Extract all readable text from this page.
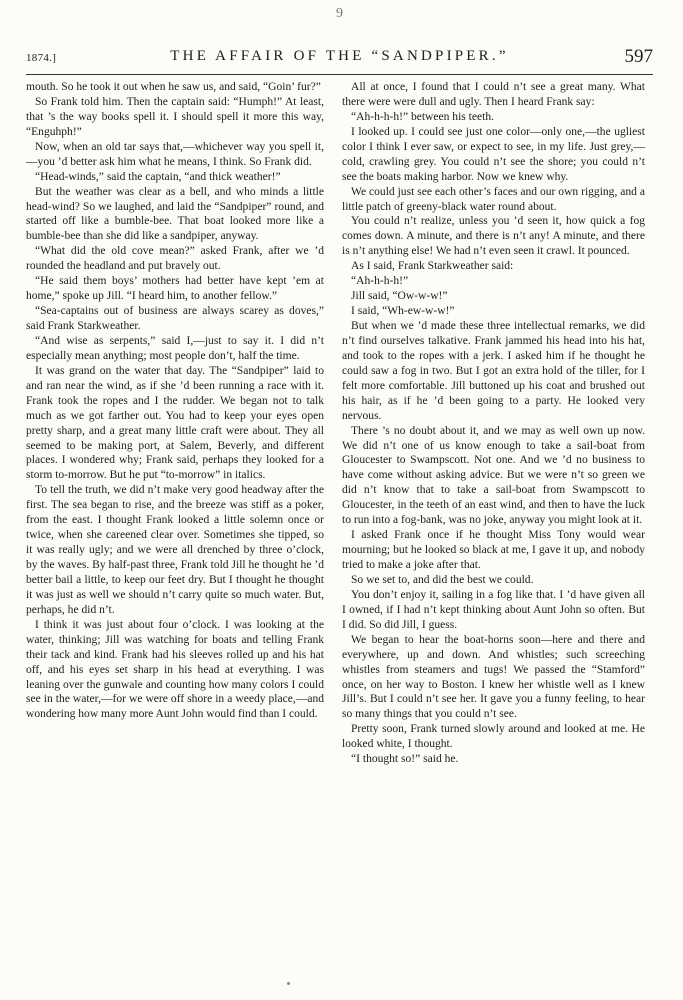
9
1874.]	THE AFFAIR OF THE “SANDPIPER.”	597

mouth. So he took it out when he saw us, and said, “Goin’ fur?”

So Frank told him. Then the captain said: “Humph!” At least, that ’s the way books spell it. I should spell it more this way, “Enguhph!”

Now, when an old tar says that,—whichever way you spell it,—you ’d better ask him what he means, I think. So Frank did.

“Head-winds,” said the captain, “and thick weather!”

But the weather was clear as a bell, and who minds a little head-wind? So we laughed, and laid the “Sandpiper” round, and started off like a bumble-bee. That boat looked more like a bumble-bee than she did like a sandpiper, anyway.

“What did the old cove mean?” asked Frank, after we ’d rounded the headland and put bravely out.

“He said them boys’ mothers had better have kept ’em at home,” spoke up Jill. “I heard him, to another fellow.”

“Sea-captains out of business are always scarey as doves,” said Frank Starkweather.

“And wise as serpents,” said I,—just to say it. I did n’t especially mean anything; most people don’t, half the time.

It was grand on the water that day. The “Sandpiper” laid to and ran near the wind, as if she ’d been running a race with it. Frank took the ropes and I the rudder. We began not to talk much as we got farther out. You had to keep your eyes open pretty sharp, and a great many little craft were about. They all seemed to be making port, at Salem, Beverly, and different places. I wondered why; Frank said, perhaps they looked for a storm to-morrow. But he put “to-morrow” in italics.

To tell the truth, we did n’t make very good headway after the first. The sea began to rise, and the breeze was stiff as a poker, from the east. I thought Frank looked a little solemn once or twice, when she careened clear over. Sometimes she tipped, so it was really ugly; and we were all drenched by three o’clock, by the waves. By half-past three, Frank told Jill he thought he ’d better bail a little, to keep our feet dry. But I thought he thought it was just as well we should n’t carry quite so much water. But, perhaps, he did n’t.

I think it was just about four o’clock. I was looking at the water, thinking; Jill was watching for boats and telling Frank their tack and kind. Frank had his sleeves rolled up and his hat off, and his eyes set sharp in his head at everything. I was leaning over the gunwale and counting how many colors I could see in the water,—for we were off shore in a weedy place,—and wondering how many more Aunt John would find than I could.

All at once, I found that I could n’t see a great many. What there were were dull and ugly. Then I heard Frank say:

“Ah-h-h-h!” between his teeth.

I looked up. I could see just one color—only one,—the ugliest color I think I ever saw, or expect to see, in my life. Just grey,—cold, crawling grey. You could n’t see the shore; you could n’t see the boats making harbor. Now we knew why.

We could just see each other’s faces and our own rigging, and a little patch of greeny-black water round about.

You could n’t realize, unless you ’d seen it, how quick a fog comes down. A minute, and there is n’t any! A minute, and there is n’t anything else! We had n’t even seen it crawl. It pounced.

As I said, Frank Starkweather said:

“Ah-h-h-h!”

Jill said, “Ow-w-w!”

I said, “Wh-ew-w-w!”

But when we ’d made these three intellectual remarks, we did n’t find ourselves talkative. Frank jammed his head into his hat, and took to the ropes with a jerk. I asked him if he thought he could saw a fog in two. But I got an extra hold of the tiller, for I felt more comfortable. Jill buttoned up his coat and brushed out his hair, as if he ’d been going to a party. He looked very nervous.

There ’s no doubt about it, and we may as well own up now. We did n’t one of us know enough to take a sail-boat from Gloucester to Swampscott. Not one. And we ’d no business to have come without asking advice. But we were n’t so green we did n’t know that to take a sail-boat from Swampscott to Gloucester, in the teeth of an east wind, and then to have the luck to run into a fog-bank, was no joke, anyway you might look at it.

I asked Frank once if he thought Miss Tony would wear mourning; but he looked so black at me, I gave it up, and nobody tried to make a joke after that.

So we set to, and did the best we could.

You don’t enjoy it, sailing in a fog like that. I ’d have given all I owned, if I had n’t kept thinking about Aunt John so often. But I did. So did Jill, I guess.

We began to hear the boat-horns soon—here and there and everywhere, up and down. And whistles; such screeching whistles from steamers and tugs! We passed the “Stamford” once, on her way to Boston. I knew her whistle well as I knew Jill’s. But I could n’t see her. It gave you a funny feeling, to hear so many things that you could n’t see.

Pretty soon, Frank turned slowly around and looked at me. He looked white, I thought.

“I thought so!” said he.
